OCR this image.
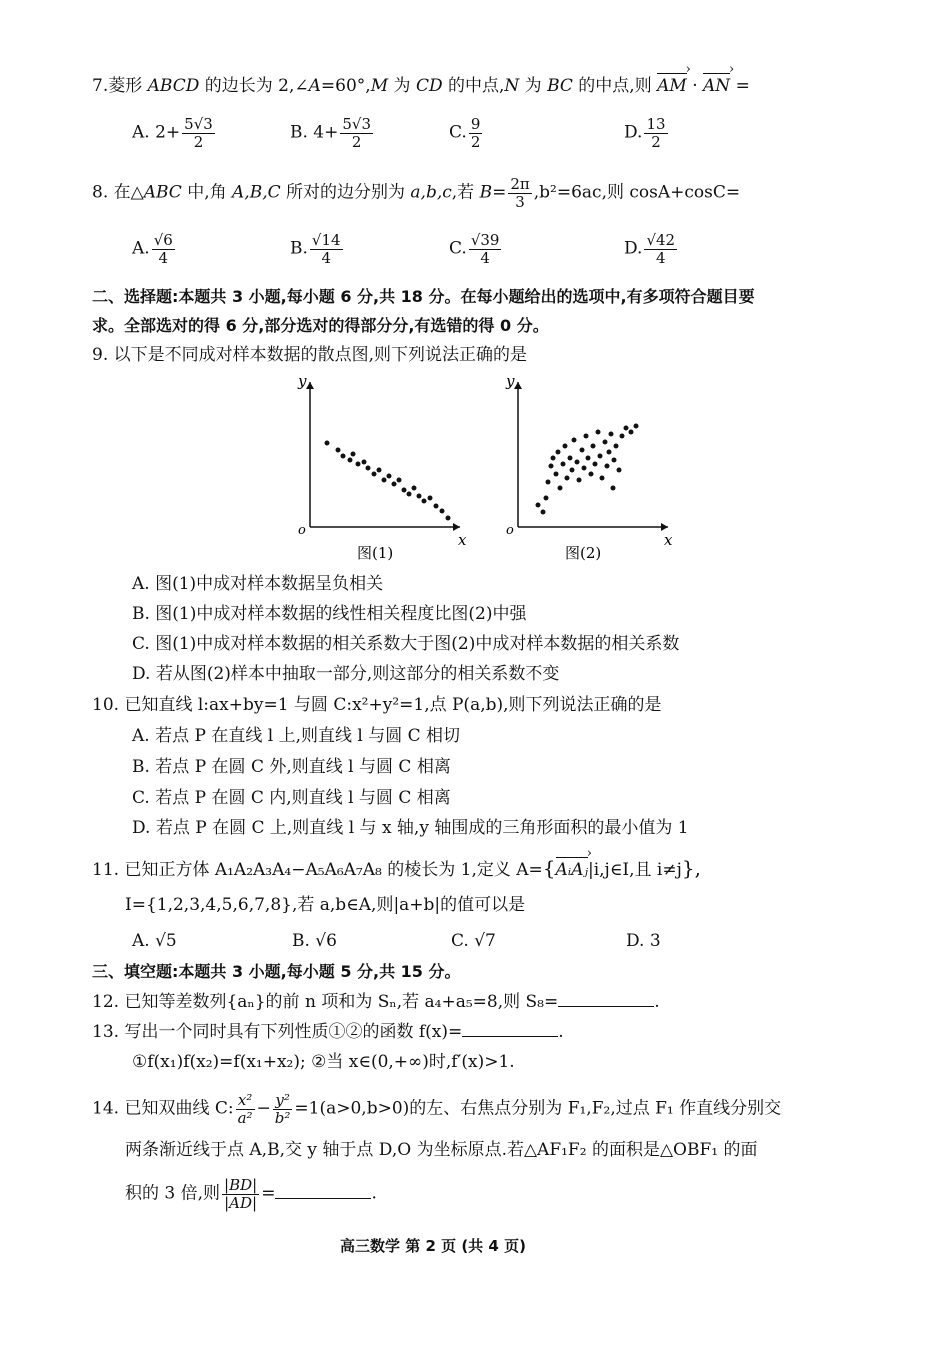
7.菱形 ABCD 的边长为 2,∠A=60°,M 为 CD 的中点,N 为 BC 的中点,则 AM › · AN › =
A. $2+ \frac{5√3}{2}$	B. $4+ \frac{5√3}{2}$	C. $\frac{9}{2}$	D. $\frac{13}{2}$
8. 在△ABC 中,角 A,B,C 所对的边分别为 a,b,c,若 $B= \frac{2\pi}{3} ,b^2=6ac$,则 cosA+cosC=
A. $\frac{√6}{4}$	B. $\frac{√14}{4}$	C. $\frac{√39}{4}$	D. $\frac{√42}{4}$
二、选择题:本题共 3 小题,每小题 6 分,共 18 分。在每小题给出的选项中,有多项符合题目要
求。全部选对的得 6 分,部分选对的得部分分,有选错的得 0 分。
9. 以下是不同成对样本数据的散点图,则下列说法正确的是
y
x
o
图(1)
y
x
o
图(2)
A. 图(1)中成对样本数据呈负相关
B. 图(1)中成对样本数据的线性相关程度比图(2)中强
C. 图(1)中成对样本数据的相关系数大于图(2)中成对样本数据的相关系数
D. 若从图(2)样本中抽取一部分,则这部分的相关系数不变
10. 已知直线 l:ax+by=1 与圆 C:x²+y²=1,点 P(a,b),则下列说法正确的是
A. 若点 P 在直线 l 上,则直线 l 与圆 C 相切
B. 若点 P 在圆 C 外,则直线 l 与圆 C 相离
C. 若点 P 在圆 C 内,则直线 l 与圆 C 相离
D. 若点 P 在圆 C 上,则直线 l 与 x 轴,y 轴围成的三角形面积的最小值为 1
11. 已知正方体 A₁A₂A₃A₄−A₅A₆A₇A₈ 的棱长为 1,定义 A={AᵢAⱼ ›|i,j∈I,且 i≠j},
I={1,2,3,4,5,6,7,8},若 a,b∈A,则|a+b|的值可以是
A. √5	B. √6	C. √7	D. 3
三、填空题:本题共 3 小题,每小题 5 分,共 15 分。
12. 已知等差数列{aₙ}的前 n 项和为 Sₙ,若 a₄+a₅=8,则 S₈=	.
13. 写出一个同时具有下列性质①②的函数 f(x)=	.
①f(x₁)f(x₂)=f(x₁+x₂); ②当 x∈(0,+∞)时,f′(x)>1.
14. 已知双曲线 C: $\frac{\text{x²}}{\text{a²}} - \frac{\text{y²}}{\text{b²}} =1(a>0,b>0)$的左、右焦点分别为 F₁,F₂,过点 F₁ 作直线分别交
两条渐近线于点 A,B,交 y 轴于点 D,O 为坐标原点.若△AF₁F₂ 的面积是△OBF₁ 的面
积的 3 倍,则 $\frac{|BD|}{|AD|}$ =	.
高三数学 第 2 页 (共 4 页)
